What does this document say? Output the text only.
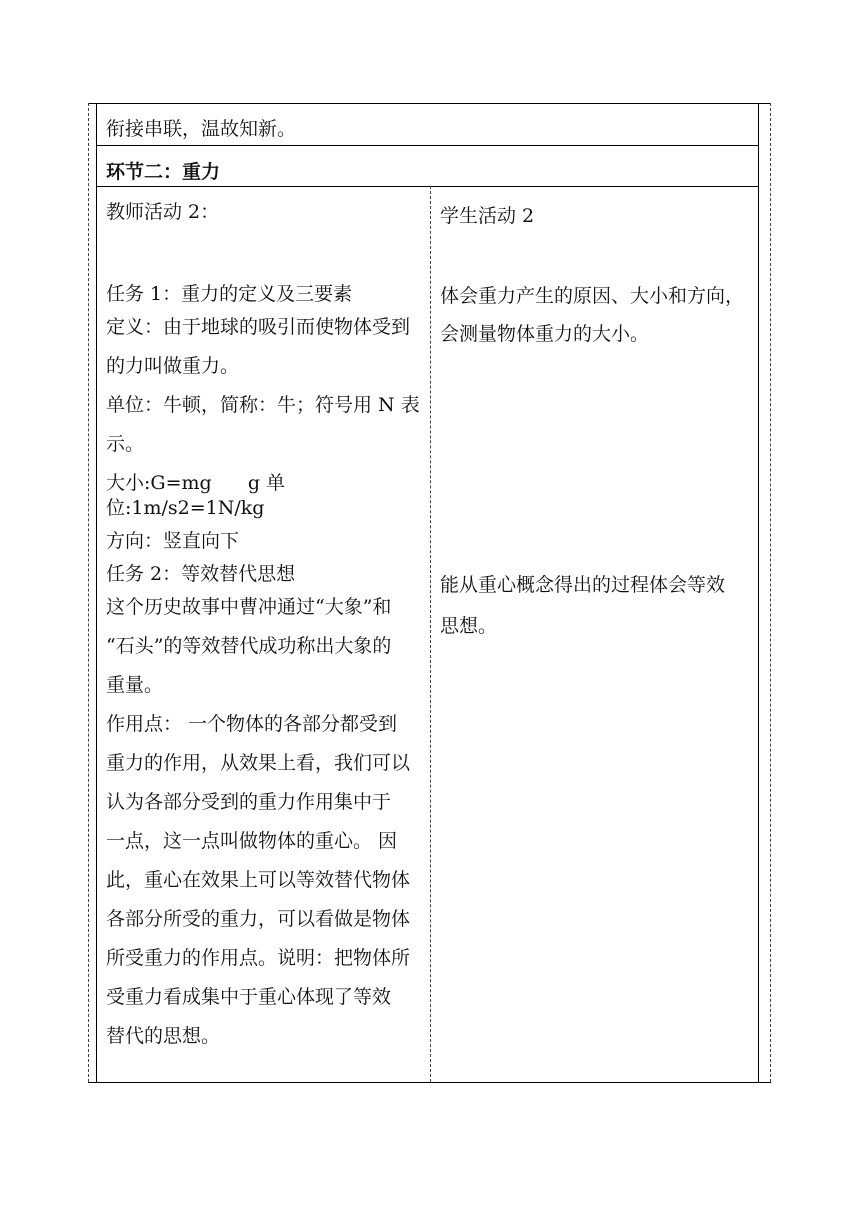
衔接串联，温故知新。
环节二：重力
教师活动 2：
任务 1：重力的定义及三要素
定义：由于地球的吸引而使物体受到
的力叫做重力。
单位：牛顿，简称：牛；符号用 N 表
示。
大小:G=mg      g 单位:1m/s2=1N/kg
方向：竖直向下
任务 2：等效替代思想
这个历史故事中曹冲通过“大象”和
“石头”的等效替代成功称出大象的
重量。
作用点： 一个物体的各部分都受到
重力的作用，从效果上看，我们可以
认为各部分受到的重力作用集中于
一点，这一点叫做物体的重心。 因
此，重心在效果上可以等效替代物体
各部分所受的重力，可以看做是物体
所受重力的作用点。说明：把物体所
受重力看成集中于重心体现了等效
替代的思想。
学生活动 2
体会重力产生的原因、大小和方向，
会测量物体重力的大小。
能从重心概念得出的过程体会等效
思想。
